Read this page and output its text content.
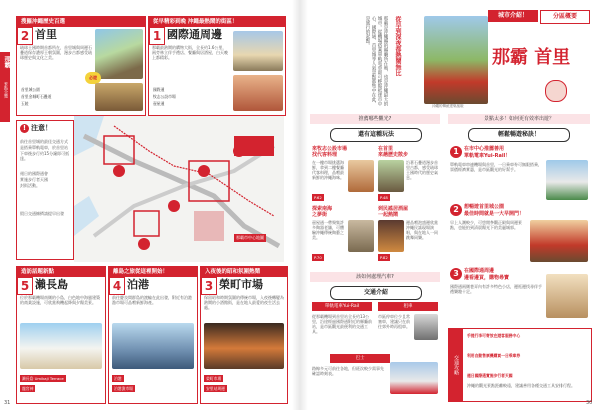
那霸
景點全覽
搜羅沖繩歷史百選
2 首里
必遊
琉球王國時期首都所在，首里城與周邊石疊道保存濃厚王朝氛圍，漫步古都感受琉球歷史與文化之美。
首里城公園
首里金城町石疊道
玉陵
從早精彩到晚 沖繩最熱鬧的街區！
1 國際通周邊
那霸最熱鬧的購物大街，全長約1.6公里，兩旁林立伴手禮店、餐廳與居酒屋，白天晚上都精彩。
國際通
牧志公設市場
壺屋通
! 注意！
前往首里城的最佳交通方式
是搭乘單軌電車，於首里站
下車後步行約15分鐘即可抵達。
週日的國際通會
實施步行者天國
封街活動。
假日交通擁擠請提早出發
那霸市中心地圖
造訪話題新點
5 瀨長島
位於那霸機場南側的小島，白色地中海風建築的商業設施，可欣賞飛機起降與夕陽美景。
瀨長島 Umikaji Terrace
龍宮神
離島之旅從這裡開始！
4 泊港
前往慶良間群島的渡輪在此出發，附近有泊港漁市場可品嚐新鮮海產。
泊港
泊港漁市場
入夜後的昭和氛圍熱鬧
3 榮町市場
保留昭和時期氛圍的傳統市場，入夜後轉變為熱鬧的小酒館街，是在地人最愛的夜生活去處。
榮町市場
安里站周邊
31
那霸是沖繩縣的縣廳所在地，也是沖繩最大的城市。從機場搭乘單軌電車即可輕鬆抵達市中心，國際通、首里城等人氣景點都集中在此，是旅行的起點。	從早到深夜都熱鬧無比
沖繩的傳統建築風貌
城市介紹！	分區概要
那霸 首里
推薦哪些觀光?	景點太多！如何更有效率出遊？
還有這種玩法
來牧志公設市場
找代客料理
在一樓市場挑選海鮮，拿到二樓餐廳代客料理，品嚐最新鮮的沖繩海味。
P.62
在首里
來趟歷史散步
沿著石疊道漫步首里古都，感受琉球王國時代的歷史氣息。
P.48
探索南海
之夢街
壺屋通一帶聚集許多陶器老舖，可體驗沖繩傳統陶藝之美。
P.70
到民謠居酒屋
一起熱鬧
邊品嚐泡盛邊欣賞沖繩民謠現場演唱，與在地人一同跳舞同樂。
P.82
該如何處理汽車?
交通介紹
單軌電車Yui-Rail
從那霸機場到首里站全長約13公里，沿途經過國際通附近的縣廳前站，是市區觀光最便利的交通工具。
租車
市區停車位少且常塞車，建議只在前往郊外時再租車。
巴士
路線多元可前往各地，但班次較少需事先確認時刻表。
輕鬆暢遊秘訣！
1	在市中心推薦善用
單軌電車Yui-Rail！
單軌電車串連機場與首里，一日乘車券可無限搭乘，票價經濟實惠，是市區觀光的好幫手。
2	想暢遊首里城公園
最佳時間就是一大早開門！
早上人潮較少，可悠閒參觀正殿與周邊景點，也能拍到清晨陽光下的美麗城郭。
3	在國際通周邊
邊看邊買，購物尋寶
國際通兩側巷弄內有許多特色小店，邊逛邊找尋伴手禮樂趣十足。
交通攻略
手提行李可寄放在遊客服務中心
利用自動售票機購買一日乘車券
週日國際通實施步行者天國
沖繩的觀光景點距離較遠，建議善用各種交通工具安排行程。
30
